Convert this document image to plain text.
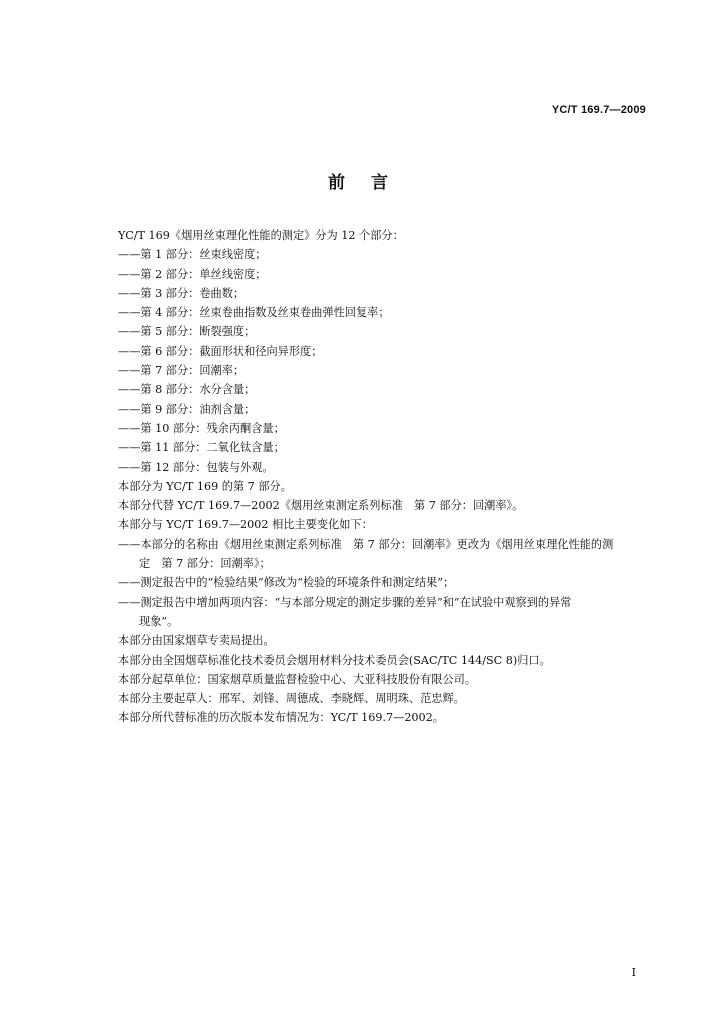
YC/T 169.7—2009
前言
YC/T 169《烟用丝束理化性能的测定》分为 12 个部分：
——第 1 部分：丝束线密度；
——第 2 部分：单丝线密度；
——第 3 部分：卷曲数；
——第 4 部分：丝束卷曲指数及丝束卷曲弹性回复率；
——第 5 部分：断裂强度；
——第 6 部分：截面形状和径向异形度；
——第 7 部分：回潮率；
——第 8 部分：水分含量；
——第 9 部分：油剂含量；
——第 10 部分：残余丙酮含量；
——第 11 部分：二氧化钛含量；
——第 12 部分：包装与外观。
本部分为 YC/T 169 的第 7 部分。
本部分代替 YC/T 169.7—2002《烟用丝束测定系列标准　第 7 部分：回潮率》。
本部分与 YC/T 169.7—2002 相比主要变化如下：
——本部分的名称由《烟用丝束测定系列标准　第 7 部分：回潮率》更改为《烟用丝束理化性能的测
定　第 7 部分：回潮率》；
——测定报告中的“检验结果”修改为“检验的环境条件和测定结果”；
——测定报告中增加两项内容：“与本部分规定的测定步骤的差异”和“在试验中观察到的异常
现象”。
本部分由国家烟草专卖局提出。
本部分由全国烟草标准化技术委员会烟用材料分技术委员会(SAC/TC 144/SC 8)归口。
本部分起草单位：国家烟草质量监督检验中心、大亚科技股份有限公司。
本部分主要起草人：邢军、刘锋、周德成、李晓辉、周明珠、范忠辉。
本部分所代替标准的历次版本发布情况为：YC/T 169.7—2002。
I
